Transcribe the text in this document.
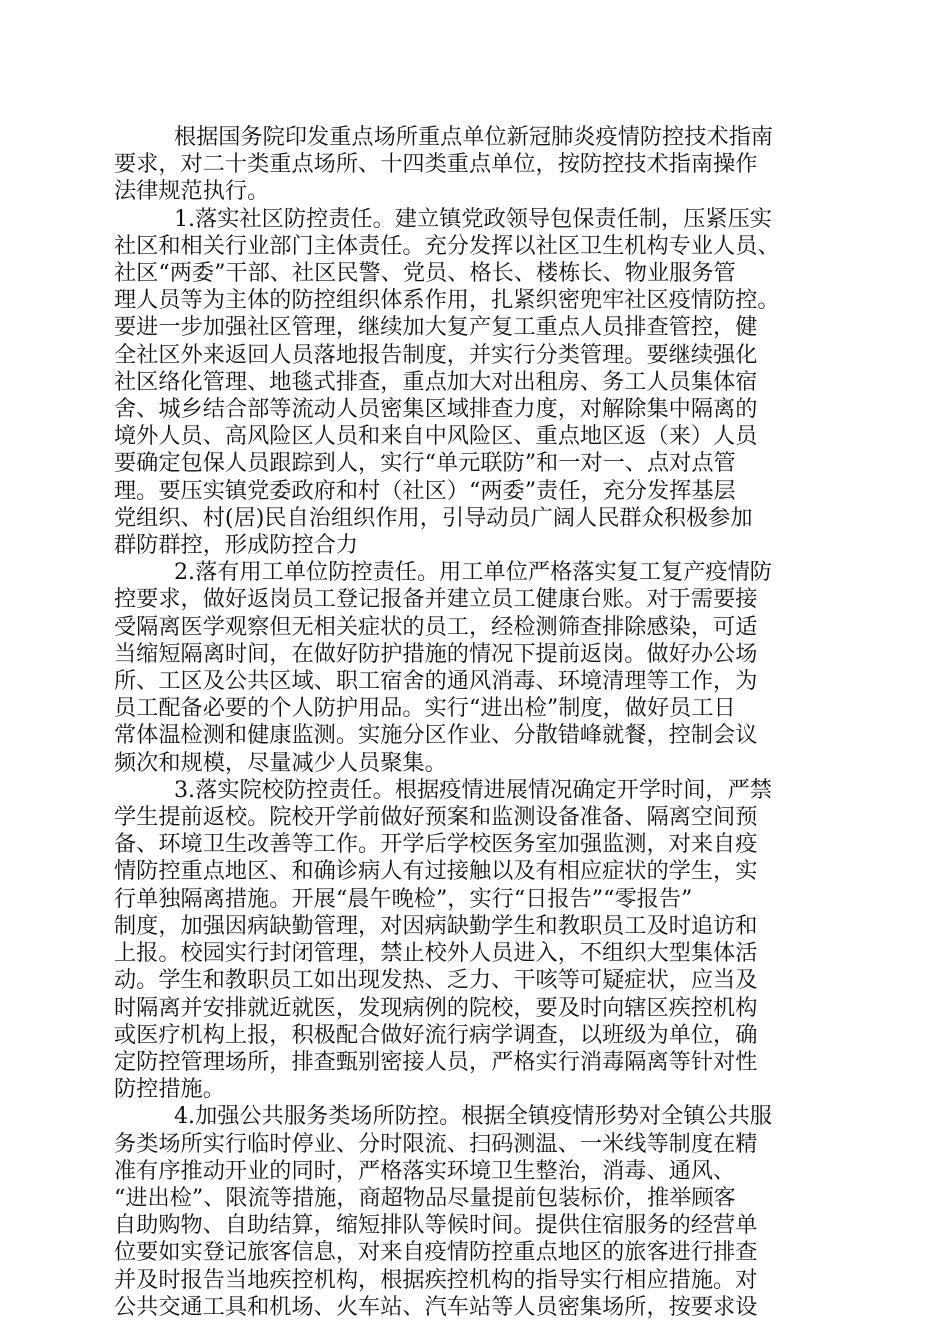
根据国务院印发重点场所重点单位新冠肺炎疫情防控技术指南
要求，对二十类重点场所、十四类重点单位，按防控技术指南操作
法律规范执行。

1.落实社区防控责任。建立镇党政领导包保责任制，压紧压实
社区和相关行业部门主体责任。充分发挥以社区卫生机构专业人员、
社区“两委”干部、社区民警、党员、格长、楼栋长、物业服务管
理人员等为主体的防控组织体系作用，扎紧织密兜牢社区疫情防控。
要进一步加强社区管理，继续加大复产复工重点人员排查管控，健
全社区外来返回人员落地报告制度，并实行分类管理。要继续强化
社区络化管理、地毯式排查，重点加大对出租房、务工人员集体宿
舍、城乡结合部等流动人员密集区域排查力度，对解除集中隔离的
境外人员、高风险区人员和来自中风险区、重点地区返（来）人员
要确定包保人员跟踪到人，实行“单元联防”和一对一、点对点管
理。要压实镇党委政府和村（社区）“两委”责任，充分发挥基层
党组织、村(居)民自治组织作用，引导动员广阔人民群众积极参加
群防群控，形成防控合力

2.落有用工单位防控责任。用工单位严格落实复工复产疫情防
控要求，做好返岗员工登记报备并建立员工健康台账。对于需要接
受隔离医学观察但无相关症状的员工，经检测筛查排除感染，可适
当缩短隔离时间，在做好防护措施的情况下提前返岗。做好办公场
所、工区及公共区域、职工宿舍的通风消毒、环境清理等工作，为
员工配备必要的个人防护用品。实行“进出检”制度，做好员工日
常体温检测和健康监测。实施分区作业、分散错峰就餐，控制会议
频次和规模，尽量减少人员聚集。

3.落实院校防控责任。根据疫情进展情况确定开学时间，严禁
学生提前返校。院校开学前做好预案和监测设备准备、隔离空间预
备、环境卫生改善等工作。开学后学校医务室加强监测，对来自疫
情防控重点地区、和确诊病人有过接触以及有相应症状的学生，实
行单独隔离措施。开展“晨午晚检”，实行“日报告”“零报告”
制度，加强因病缺勤管理，对因病缺勤学生和教职员工及时追访和
上报。校园实行封闭管理，禁止校外人员进入，不组织大型集体活
动。学生和教职员工如出现发热、乏力、干咳等可疑症状，应当及
时隔离并安排就近就医，发现病例的院校，要及时向辖区疾控机构
或医疗机构上报，积极配合做好流行病学调查，以班级为单位，确
定防控管理场所，排查甄别密接人员，严格实行消毒隔离等针对性
防控措施。

4.加强公共服务类场所防控。根据全镇疫情形势对全镇公共服
务类场所实行临时停业、分时限流、扫码测温、一米线等制度在精
准有序推动开业的同时，严格落实环境卫生整治，消毒、通风、
“进出检”、限流等措施，商超物品尽量提前包装标价，推举顾客
自助购物、自助结算，缩短排队等候时间。提供住宿服务的经营单
位要如实登记旅客信息，对来自疫情防控重点地区的旅客进行排查
并及时报告当地疾控机构，根据疾控机构的指导实行相应措施。对
公共交通工具和机场、火车站、汽车站等人员密集场所，按要求设
